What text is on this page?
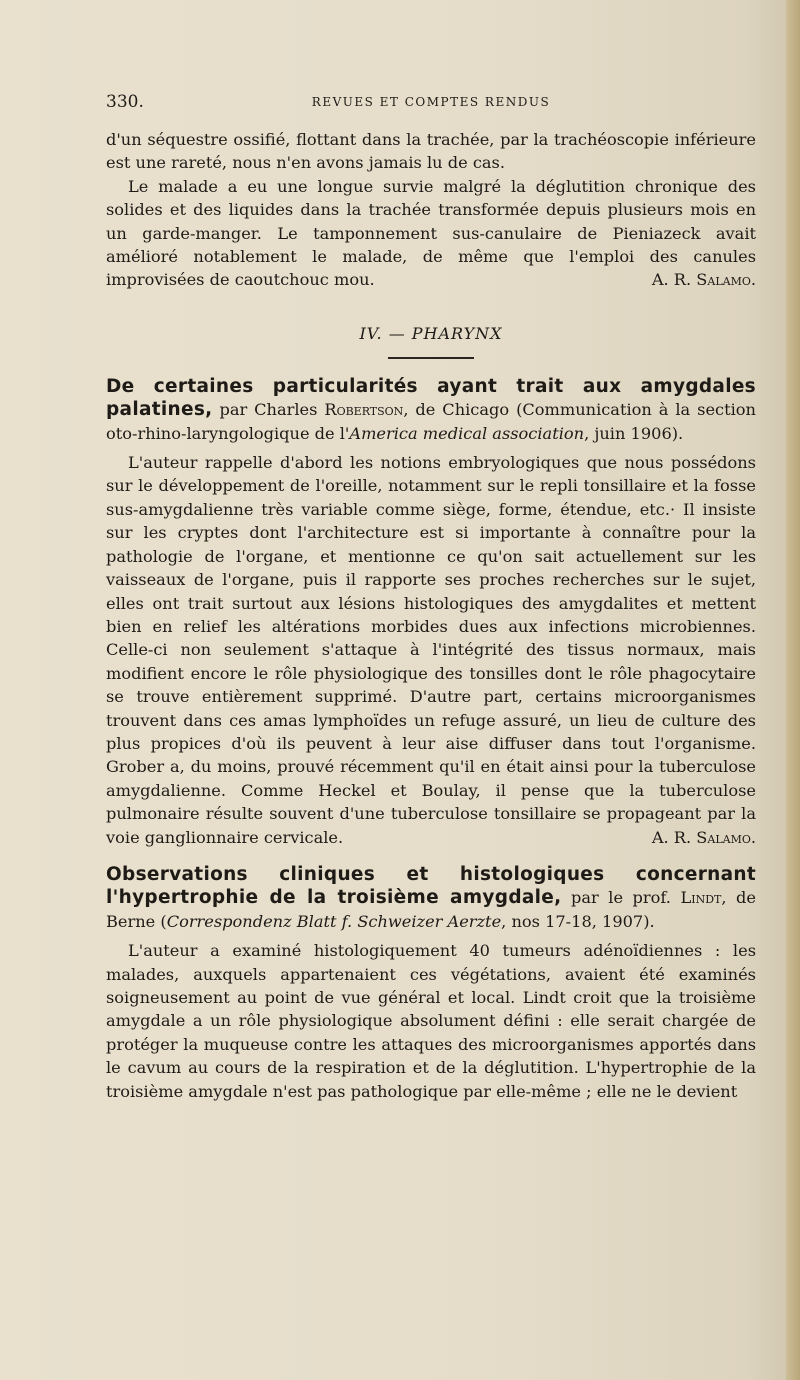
330.	REVUES ET COMPTES RENDUS

d'un séquestre ossifié, flottant dans la trachée, par la trachéoscopie inférieure est une rareté, nous n'en avons jamais lu de cas.

Le malade a eu une longue survie malgré la déglutition chronique des solides et des liquides dans la trachée transformée depuis plusieurs mois en un garde-manger. Le tamponnement sus-canulaire de Pieniazeck avait amélioré notablement le malade, de même que l'emploi des canules improvisées de caoutchouc mou.	A. R. Salamo.

IV. — PHARYNX

De certaines particularités ayant trait aux amygdales palatines, par Charles Robertson, de Chicago (Communication à la section oto-rhino-laryngologique de l'America medical association, juin 1906).

L'auteur rappelle d'abord les notions embryologiques que nous possédons sur le développement de l'oreille, notamment sur le repli tonsillaire et la fosse sus-amygdalienne très variable comme siège, forme, étendue, etc.· Il insiste sur les cryptes dont l'architecture est si importante à connaître pour la pathologie de l'organe, et mentionne ce qu'on sait actuellement sur les vaisseaux de l'organe, puis il rapporte ses proches recherches sur le sujet, elles ont trait surtout aux lésions histologiques des amygdalites et mettent bien en relief les altérations morbides dues aux infections microbiennes. Celle-ci non seulement s'attaque à l'intégrité des tissus normaux, mais modifient encore le rôle physiologique des tonsilles dont le rôle phagocytaire se trouve entièrement supprimé. D'autre part, certains microorganismes trouvent dans ces amas lymphoïdes un refuge assuré, un lieu de culture des plus propices d'où ils peuvent à leur aise diffuser dans tout l'organisme. Grober a, du moins, prouvé récemment qu'il en était ainsi pour la tuberculose amygdalienne. Comme Heckel et Boulay, il pense que la tuberculose pulmonaire résulte souvent d'une tuberculose tonsillaire se propageant par la voie ganglionnaire cervicale.	A. R. Salamo.

Observations cliniques et histologiques concernant l'hypertrophie de la troisième amygdale, par le prof. Lindt, de Berne (Correspondenz Blatt f. Schweizer Aerzte, nos 17-18, 1907).

L'auteur a examiné histologiquement 40 tumeurs adénoïdiennes : les malades, auxquels appartenaient ces végétations, avaient été examinés soigneusement au point de vue général et local. Lindt croit que la troisième amygdale a un rôle physiologique absolument défini : elle serait chargée de protéger la muqueuse contre les attaques des microorganismes apportés dans le cavum au cours de la respiration et de la déglutition. L'hypertrophie de la troisième amygdale n'est pas pathologique par elle-même ; elle ne le devient
